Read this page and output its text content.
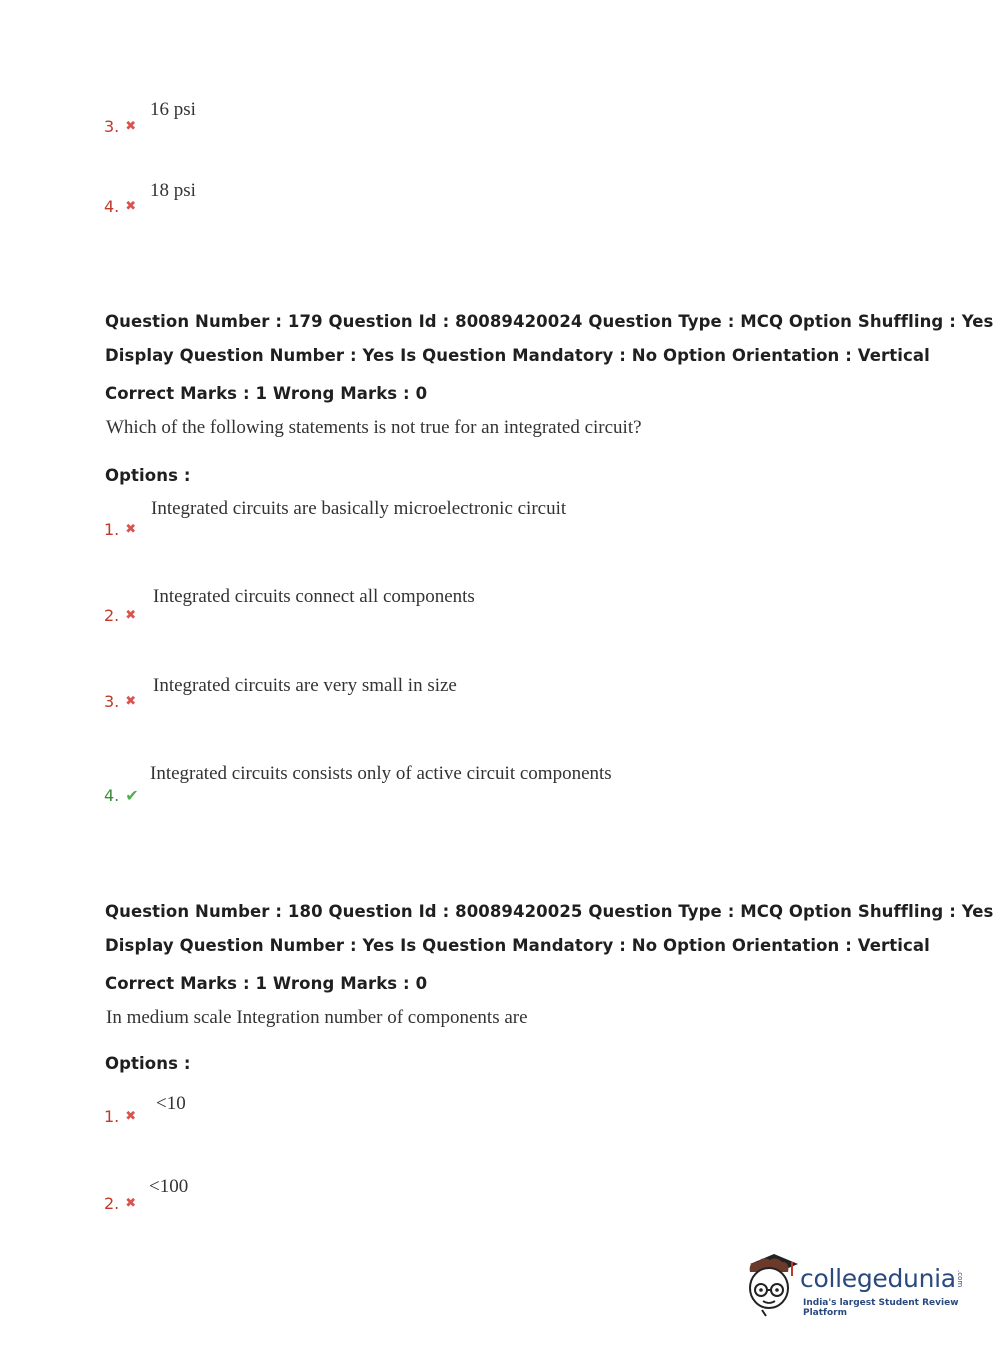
3. ✖
16 psi
4. ✖
18 psi
Question Number : 179 Question Id : 80089420024 Question Type : MCQ Option Shuffling : Yes
Display Question Number : Yes Is Question Mandatory : No Option Orientation : Vertical
Correct Marks : 1 Wrong Marks : 0
Which of the following statements is not true for an integrated circuit?
Options :
Integrated circuits are basically microelectronic circuit
1. ✖
Integrated circuits connect all components
2. ✖
Integrated circuits are very small in size
3. ✖
Integrated circuits consists only of active circuit components
4. ✔
Question Number : 180 Question Id : 80089420025 Question Type : MCQ Option Shuffling : Yes
Display Question Number : Yes Is Question Mandatory : No Option Orientation : Vertical
Correct Marks : 1 Wrong Marks : 0
In medium scale Integration number of components are
Options :
<10
1. ✖
<100
2. ✖
collegedunia .com
India's largest Student Review Platform
